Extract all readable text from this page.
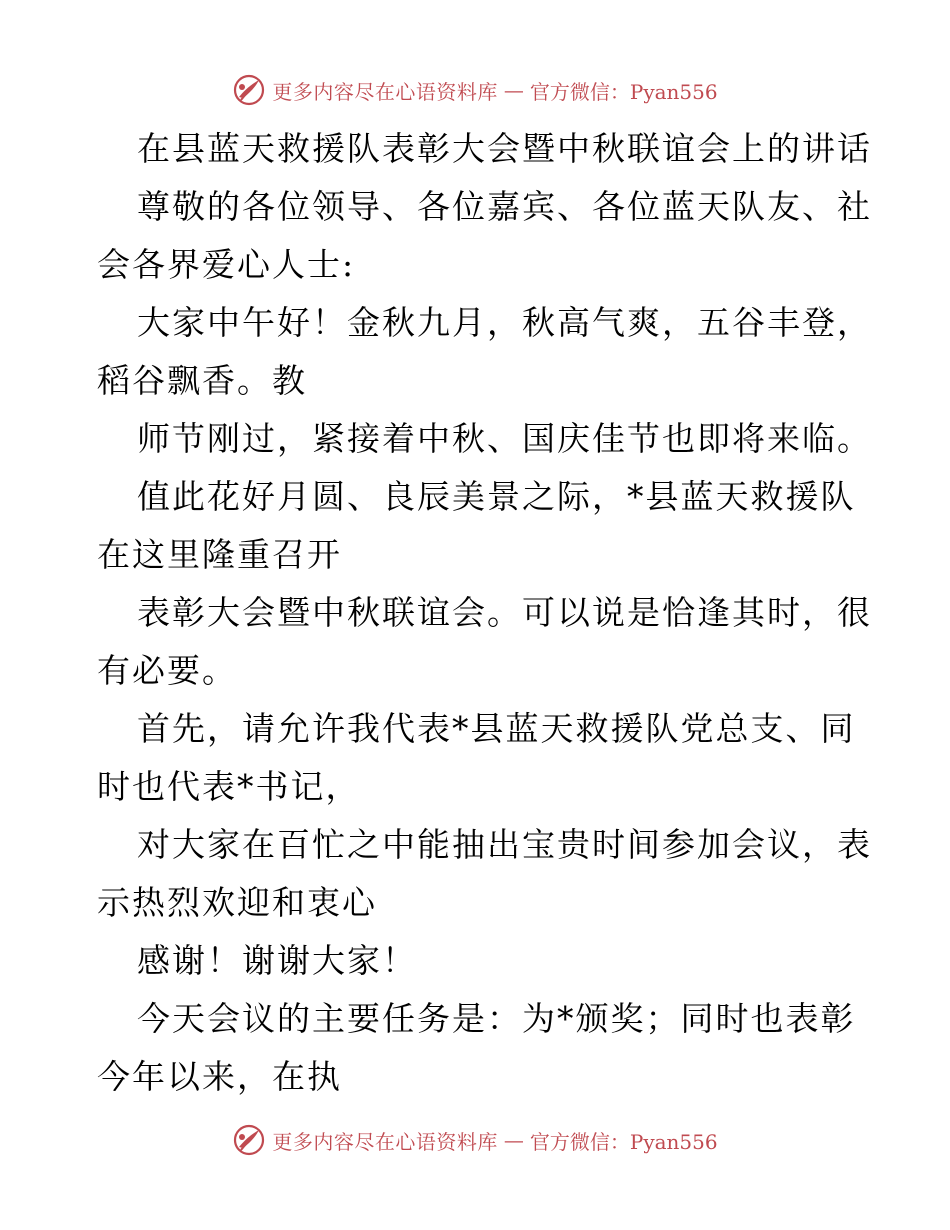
更多内容尽在心语资料库 — 官方微信：Pyan556
在县蓝天救援队表彰大会暨中秋联谊会上的讲话
尊敬的各位领导、各位嘉宾、各位蓝天队友、社
会各界爱心人士:
大家中午好！金秋九月，秋高气爽，五谷丰登，
稻谷飘香。教
师节刚过，紧接着中秋、国庆佳节也即将来临。
值此花好月圆、良辰美景之际，*县蓝天救援队
在这里隆重召开
表彰大会暨中秋联谊会。可以说是恰逢其时，很
有必要。
首先，请允许我代表*县蓝天救援队党总支、同
时也代表*书记，
对大家在百忙之中能抽出宝贵时间参加会议，表
示热烈欢迎和衷心
感谢！谢谢大家！
今天会议的主要任务是：为*颁奖；同时也表彰
今年以来，在执
更多内容尽在心语资料库 — 官方微信：Pyan556
